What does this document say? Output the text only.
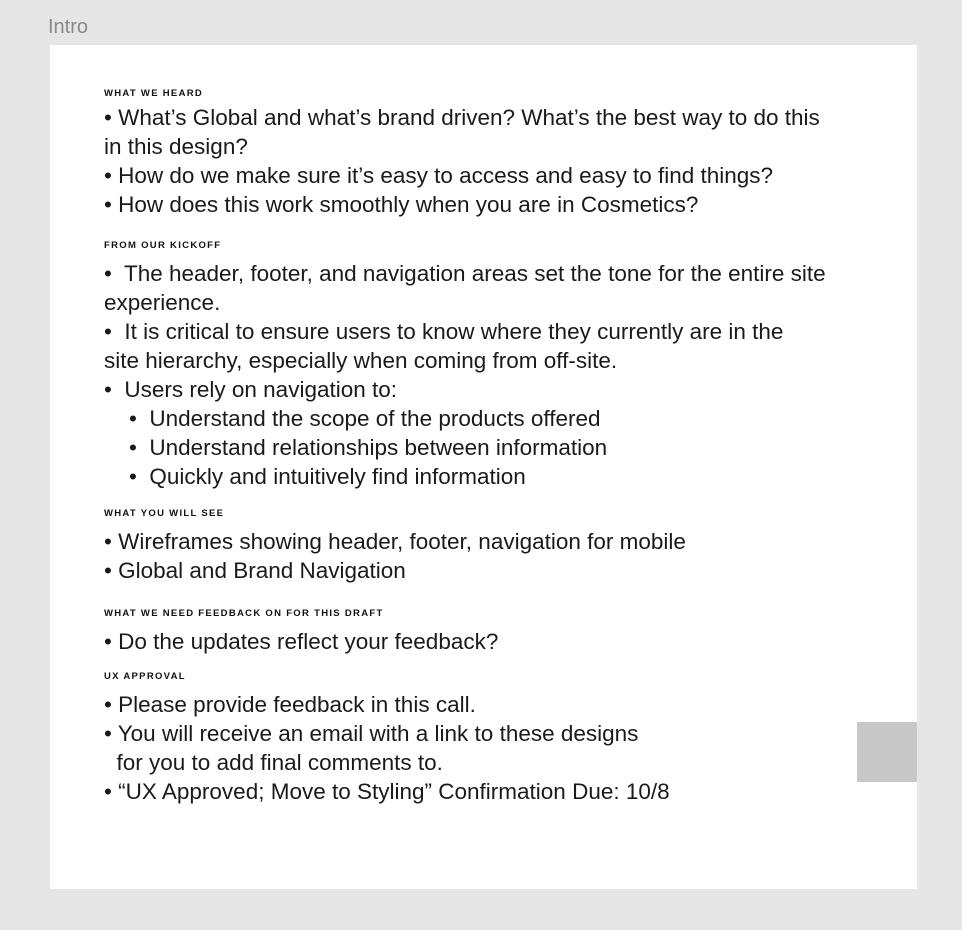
Intro
WHAT WE HEARD
• What’s Global and what’s brand driven? What’s the best way to do this
in this design?
• How do we make sure it’s easy to access and easy to find things?
• How does this work smoothly when you are in Cosmetics?
FROM OUR KICKOFF
•  The header, footer, and navigation areas set the tone for the entire site
experience.
•  It is critical to ensure users to know where they currently are in the
site hierarchy, especially when coming from off-site.
•  Users rely on navigation to:
•  Understand the scope of the products offered
•  Understand relationships between information
•  Quickly and intuitively find information
WHAT YOU WILL SEE
• Wireframes showing header, footer, navigation for mobile
• Global and Brand Navigation
WHAT WE NEED FEEDBACK ON FOR THIS DRAFT
• Do the updates reflect your feedback?
UX APPROVAL
• Please provide feedback in this call.
• You will receive an email with a link to these designs
for you to add final comments to.
• “UX Approved; Move to Styling” Confirmation Due: 10/8
